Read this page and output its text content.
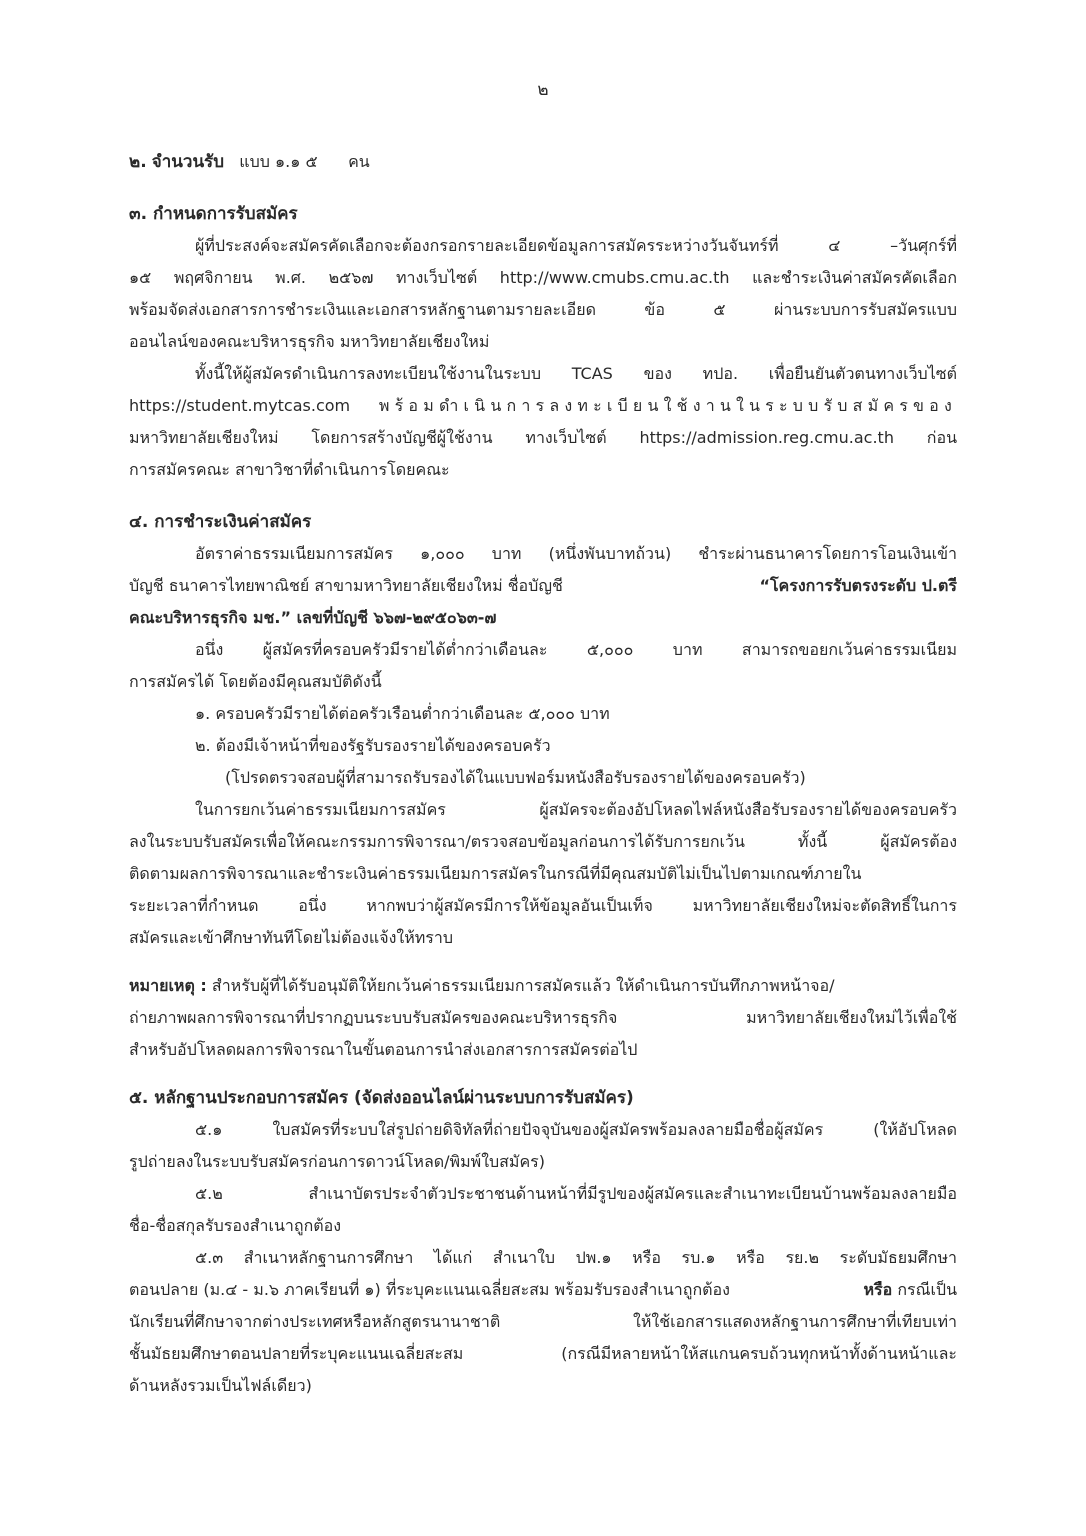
๒
๒. จำนวนรับ แบบ ๑.๑ ๕ คน
๓. กำหนดการรับสมัคร
ผู้ที่ประสงค์จะสมัครคัดเลือกจะต้องกรอกรายละเอียดข้อมูลการสมัครระหว่างวันจันทร์ที่ ๔ –วันศุกร์ที่
๑๕ พฤศจิกายน พ.ศ. ๒๕๖๗ ทางเว็บไซต์ http://www.cmubs.cmu.ac.th และชำระเงินค่าสมัครคัดเลือก
พร้อมจัดส่งเอกสารการชำระเงินและเอกสารหลักฐานตามรายละเอียด ข้อ ๕ ผ่านระบบการรับสมัครแบบ
ออนไลน์ของคณะบริหารธุรกิจ มหาวิทยาลัยเชียงใหม่
ทั้งนี้ให้ผู้สมัครดำเนินการลงทะเบียนใช้งานในระบบ TCAS ของ ทปอ. เพื่อยืนยันตัวตนทางเว็บไซต์
https://student.mytcas.com พร้อมดำเนินการลงทะเบียนใช้งานในระบบรับสมัครของ
มหาวิทยาลัยเชียงใหม่ โดยการสร้างบัญชีผู้ใช้งาน ทางเว็บไซต์ https://admission.reg.cmu.ac.th ก่อน
การสมัครคณะ สาขาวิชาที่ดำเนินการโดยคณะ
๔. การชำระเงินค่าสมัคร
อัตราค่าธรรมเนียมการสมัคร ๑,๐๐๐ บาท (หนึ่งพันบาทถ้วน) ชำระผ่านธนาคารโดยการโอนเงินเข้า
บัญชี ธนาคารไทยพาณิชย์ สาขามหาวิทยาลัยเชียงใหม่ ชื่อบัญชี	“โครงการรับตรงระดับ ป.ตรี
คณะบริหารธุรกิจ มช.” เลขที่บัญชี ๖๖๗-๒๙๕๐๖๓-๗
อนึ่ง ผู้สมัครที่ครอบครัวมีรายได้ต่ำกว่าเดือนละ ๕,๐๐๐ บาท สามารถขอยกเว้นค่าธรรมเนียม
การสมัครได้ โดยต้องมีคุณสมบัติดังนี้
๑. ครอบครัวมีรายได้ต่อครัวเรือนต่ำกว่าเดือนละ ๕,๐๐๐ บาท
๒. ต้องมีเจ้าหน้าที่ของรัฐรับรองรายได้ของครอบครัว
(โปรดตรวจสอบผู้ที่สามารถรับรองได้ในแบบฟอร์มหนังสือรับรองรายได้ของครอบครัว)
ในการยกเว้นค่าธรรมเนียมการสมัคร ผู้สมัครจะต้องอัปโหลดไฟล์หนังสือรับรองรายได้ของครอบครัว
ลงในระบบรับสมัครเพื่อให้คณะกรรมการพิจารณา/ตรวจสอบข้อมูลก่อนการได้รับการยกเว้น ทั้งนี้ ผู้สมัครต้อง
ติดตามผลการพิจารณาและชำระเงินค่าธรรมเนียมการสมัครในกรณีที่มีคุณสมบัติไม่เป็นไปตามเกณฑ์ภายใน
ระยะเวลาที่กำหนด อนึ่ง หากพบว่าผู้สมัครมีการให้ข้อมูลอันเป็นเท็จ มหาวิทยาลัยเชียงใหม่จะตัดสิทธิ์ในการ
สมัครและเข้าศึกษาทันทีโดยไม่ต้องแจ้งให้ทราบ
หมายเหตุ : สำหรับผู้ที่ได้รับอนุมัติให้ยกเว้นค่าธรรมเนียมการสมัครแล้ว ให้ดำเนินการบันทึกภาพหน้าจอ/
ถ่ายภาพผลการพิจารณาที่ปรากฏบนระบบรับสมัครของคณะบริหารธุรกิจ มหาวิทยาลัยเชียงใหม่ไว้เพื่อใช้
สำหรับอัปโหลดผลการพิจารณาในขั้นตอนการนำส่งเอกสารการสมัครต่อไป
๕. หลักฐานประกอบการสมัคร (จัดส่งออนไลน์ผ่านระบบการรับสมัคร)
๕.๑ ใบสมัครที่ระบบใส่รูปถ่ายดิจิทัลที่ถ่ายปัจจุบันของผู้สมัครพร้อมลงลายมือชื่อผู้สมัคร (ให้อัปโหลด
รูปถ่ายลงในระบบรับสมัครก่อนการดาวน์โหลด/พิมพ์ใบสมัคร)
๕.๒ สำเนาบัตรประจำตัวประชาชนด้านหน้าที่มีรูปของผู้สมัครและสำเนาทะเบียนบ้านพร้อมลงลายมือ
ชื่อ-ชื่อสกุลรับรองสำเนาถูกต้อง
๕.๓ สำเนาหลักฐานการศึกษา ได้แก่ สำเนาใบ ปพ.๑ หรือ รบ.๑ หรือ รย.๒ ระดับมัธยมศึกษา
ตอนปลาย (ม.๔ - ม.๖ ภาคเรียนที่ ๑) ที่ระบุคะแนนเฉลี่ยสะสม พร้อมรับรองสำเนาถูกต้อง	หรือ กรณีเป็น
นักเรียนที่ศึกษาจากต่างประเทศหรือหลักสูตรนานาชาติ ให้ใช้เอกสารแสดงหลักฐานการศึกษาที่เทียบเท่า
ชั้นมัธยมศึกษาตอนปลายที่ระบุคะแนนเฉลี่ยสะสม (กรณีมีหลายหน้าให้สแกนครบถ้วนทุกหน้าทั้งด้านหน้าและ
ด้านหลังรวมเป็นไฟล์เดียว)
